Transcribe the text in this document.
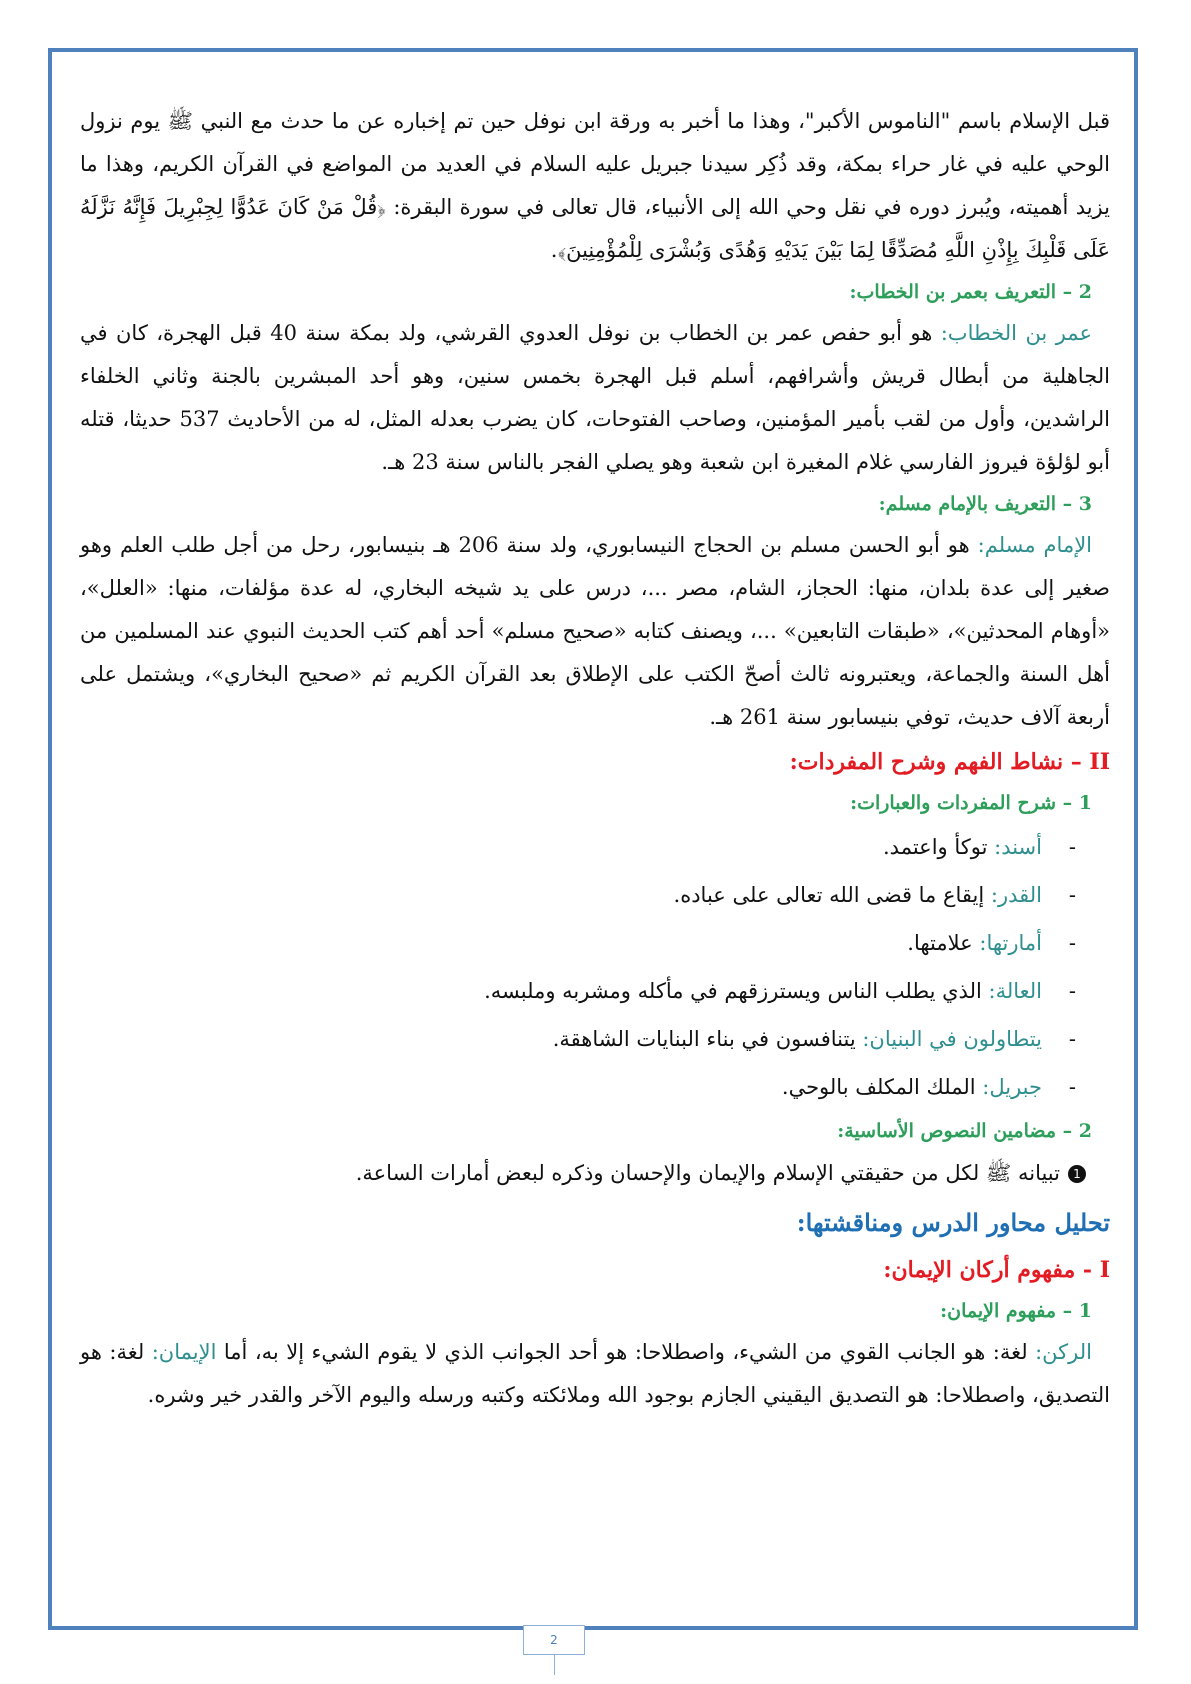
قبل الإسلام باسم "الناموس الأكبر"، وهذا ما أخبر به ورقة ابن نوفل حين تم إخباره عن ما حدث مع النبي ﷺ يوم نزول الوحي عليه في غار حراء بمكة، وقد ذُكِر سيدنا جبريل عليه السلام في العديد من المواضع في القرآن الكريم، وهذا ما يزيد أهميته، ويُبرز دوره في نقل وحي الله إلى الأنبياء، قال تعالى في سورة البقرة: ﴿قُلْ مَنْ كَانَ عَدُوًّا لِجِبْرِيلَ فَإِنَّهُ نَزَّلَهُ عَلَى قَلْبِكَ بِإِذْنِ اللَّهِ مُصَدِّقًا لِمَا بَيْنَ يَدَيْهِ وَهُدًى وَبُشْرَى لِلْمُؤْمِنِينَ﴾.

2 – التعريف بعمر بن الخطاب:

عمر بن الخطاب: هو أبو حفص عمر بن الخطاب بن نوفل العدوي القرشي، ولد بمكة سنة 40 قبل الهجرة، كان في الجاهلية من أبطال قريش وأشرافهم، أسلم قبل الهجرة بخمس سنين، وهو أحد المبشرين بالجنة وثاني الخلفاء الراشدين، وأول من لقب بأمير المؤمنين، وصاحب الفتوحات، كان يضرب بعدله المثل، له من الأحاديث 537 حديثا، قتله أبو لؤلؤة فيروز الفارسي غلام المغيرة ابن شعبة وهو يصلي الفجر بالناس سنة 23 هـ.

3 – التعريف بالإمام مسلم:

الإمام مسلم: هو أبو الحسن مسلم بن الحجاج النيسابوري، ولد سنة 206 هـ بنيسابور، رحل من أجل طلب العلم وهو صغير إلى عدة بلدان، منها: الحجاز، الشام، مصر ...، درس على يد شيخه البخاري، له عدة مؤلفات، منها: «العلل»، «أوهام المحدثين»، «طبقات التابعين» ...، ويصنف كتابه «صحيح مسلم» أحد أهم كتب الحديث النبوي عند المسلمين من أهل السنة والجماعة، ويعتبرونه ثالث أصحّ الكتب على الإطلاق بعد القرآن الكريم ثم «صحيح البخاري»، ويشتمل على أربعة آلاف حديث، توفي بنيسابور سنة 261 هـ.

II – نشاط الفهم وشرح المفردات:
1 – شرح المفردات والعبارات:
-أسند: توكأ واعتمد.
-القدر: إيقاع ما قضى الله تعالى على عباده.
-أمارتها: علامتها.
-العالة: الذي يطلب الناس ويسترزقهم في مأكله ومشربه وملبسه.
-يتطاولون في البنيان: يتنافسون في بناء البنايات الشاهقة.
-جبريل: الملك المكلف بالوحي.
2 – مضامين النصوص الأساسية:
1تبيانه ﷺ لكل من حقيقتي الإسلام والإيمان والإحسان وذكره لبعض أمارات الساعة.
تحليل محاور الدرس ومناقشتها:
I - مفهوم أركان الإيمان:
1 – مفهوم الإيمان:

الركن: لغة: هو الجانب القوي من الشيء، واصطلاحا: هو أحد الجوانب الذي لا يقوم الشيء إلا به، أما الإيمان: لغة: هو التصديق، واصطلاحا: هو التصديق اليقيني الجازم بوجود الله وملائكته وكتبه ورسله واليوم الآخر والقدر خير وشره.

2
